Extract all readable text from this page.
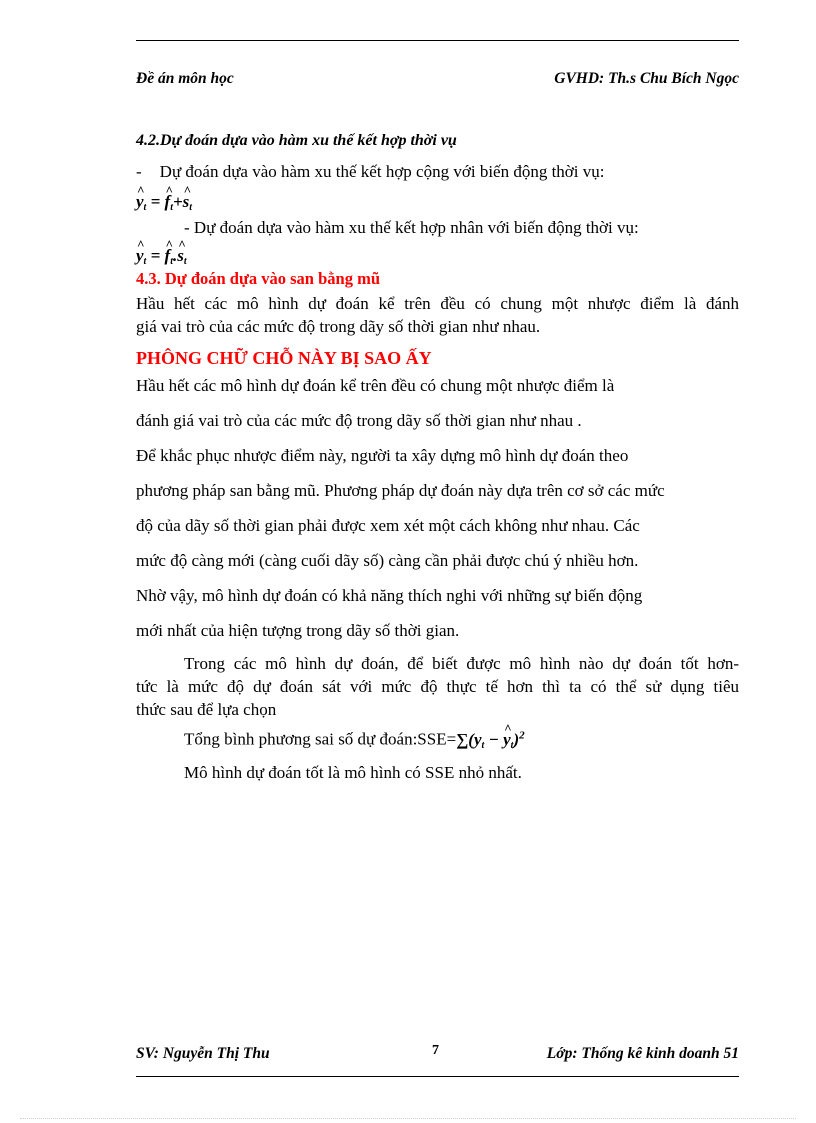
Đề án môn học	GVHD: Th.s Chu Bích Ngọc
4.2.Dự đoán dựa vào hàm xu thế kết hợp thời vụ
- Dự đoán dựa vào hàm xu thế kết hợp cộng với biến động thời vụ:
^ $y_t$ = ^ $f_t+\^{}$ $s_t$
- Dự đoán dựa vào hàm xu thế kết hợp nhân với biến động thời vụ:
^ $y_t$ = ^ $f_t.\^{}$ $s_t$
4.3. Dự đoán dựa vào san bằng mũ
Hầu hết các mô hình dự đoán kể trên đều có chung một nhược điểm là đánh
giá vai trò của các mức độ trong dãy số thời gian như nhau.
PHÔNG CHỮ CHỖ NÀY BỊ SAO ẤY
Hầu hết các mô hình dự đoán kể trên đều có chung một nhược điểm là
đánh giá vai trò của các mức độ trong dãy số thời gian như nhau .
Để khắc phục nhược điểm này, người ta xây dựng mô hình dự đoán theo
phương pháp san bằng mũ. Phương pháp dự đoán này dựa trên cơ sở các mức
độ của dãy số thời gian phải được xem xét một cách không như nhau. Các
mức độ càng mới (càng cuối dãy số) càng cần phải được chú ý nhiều hơn.
Nhờ vậy, mô hình dự đoán có khả năng thích nghi với những sự biến động
mới nhất của hiện tượng trong dãy số thời gian.
Trong các mô hình dự đoán, để biết được mô hình nào dự đoán tốt hơn-
tức là mức độ dự đoán sát với mức độ thực tế hơn thì ta có thể sử dụng tiêu
thức sau để lựa chọn
Tổng bình phương sai số dự $đoán:SSE=\sum(y_t$ − ^ $y_t)^2$
Mô hình dự đoán tốt là mô hình có SSE nhỏ nhất.
SV: Nguyễn Thị Thu	7	Lớp: Thống kê kinh doanh 51
